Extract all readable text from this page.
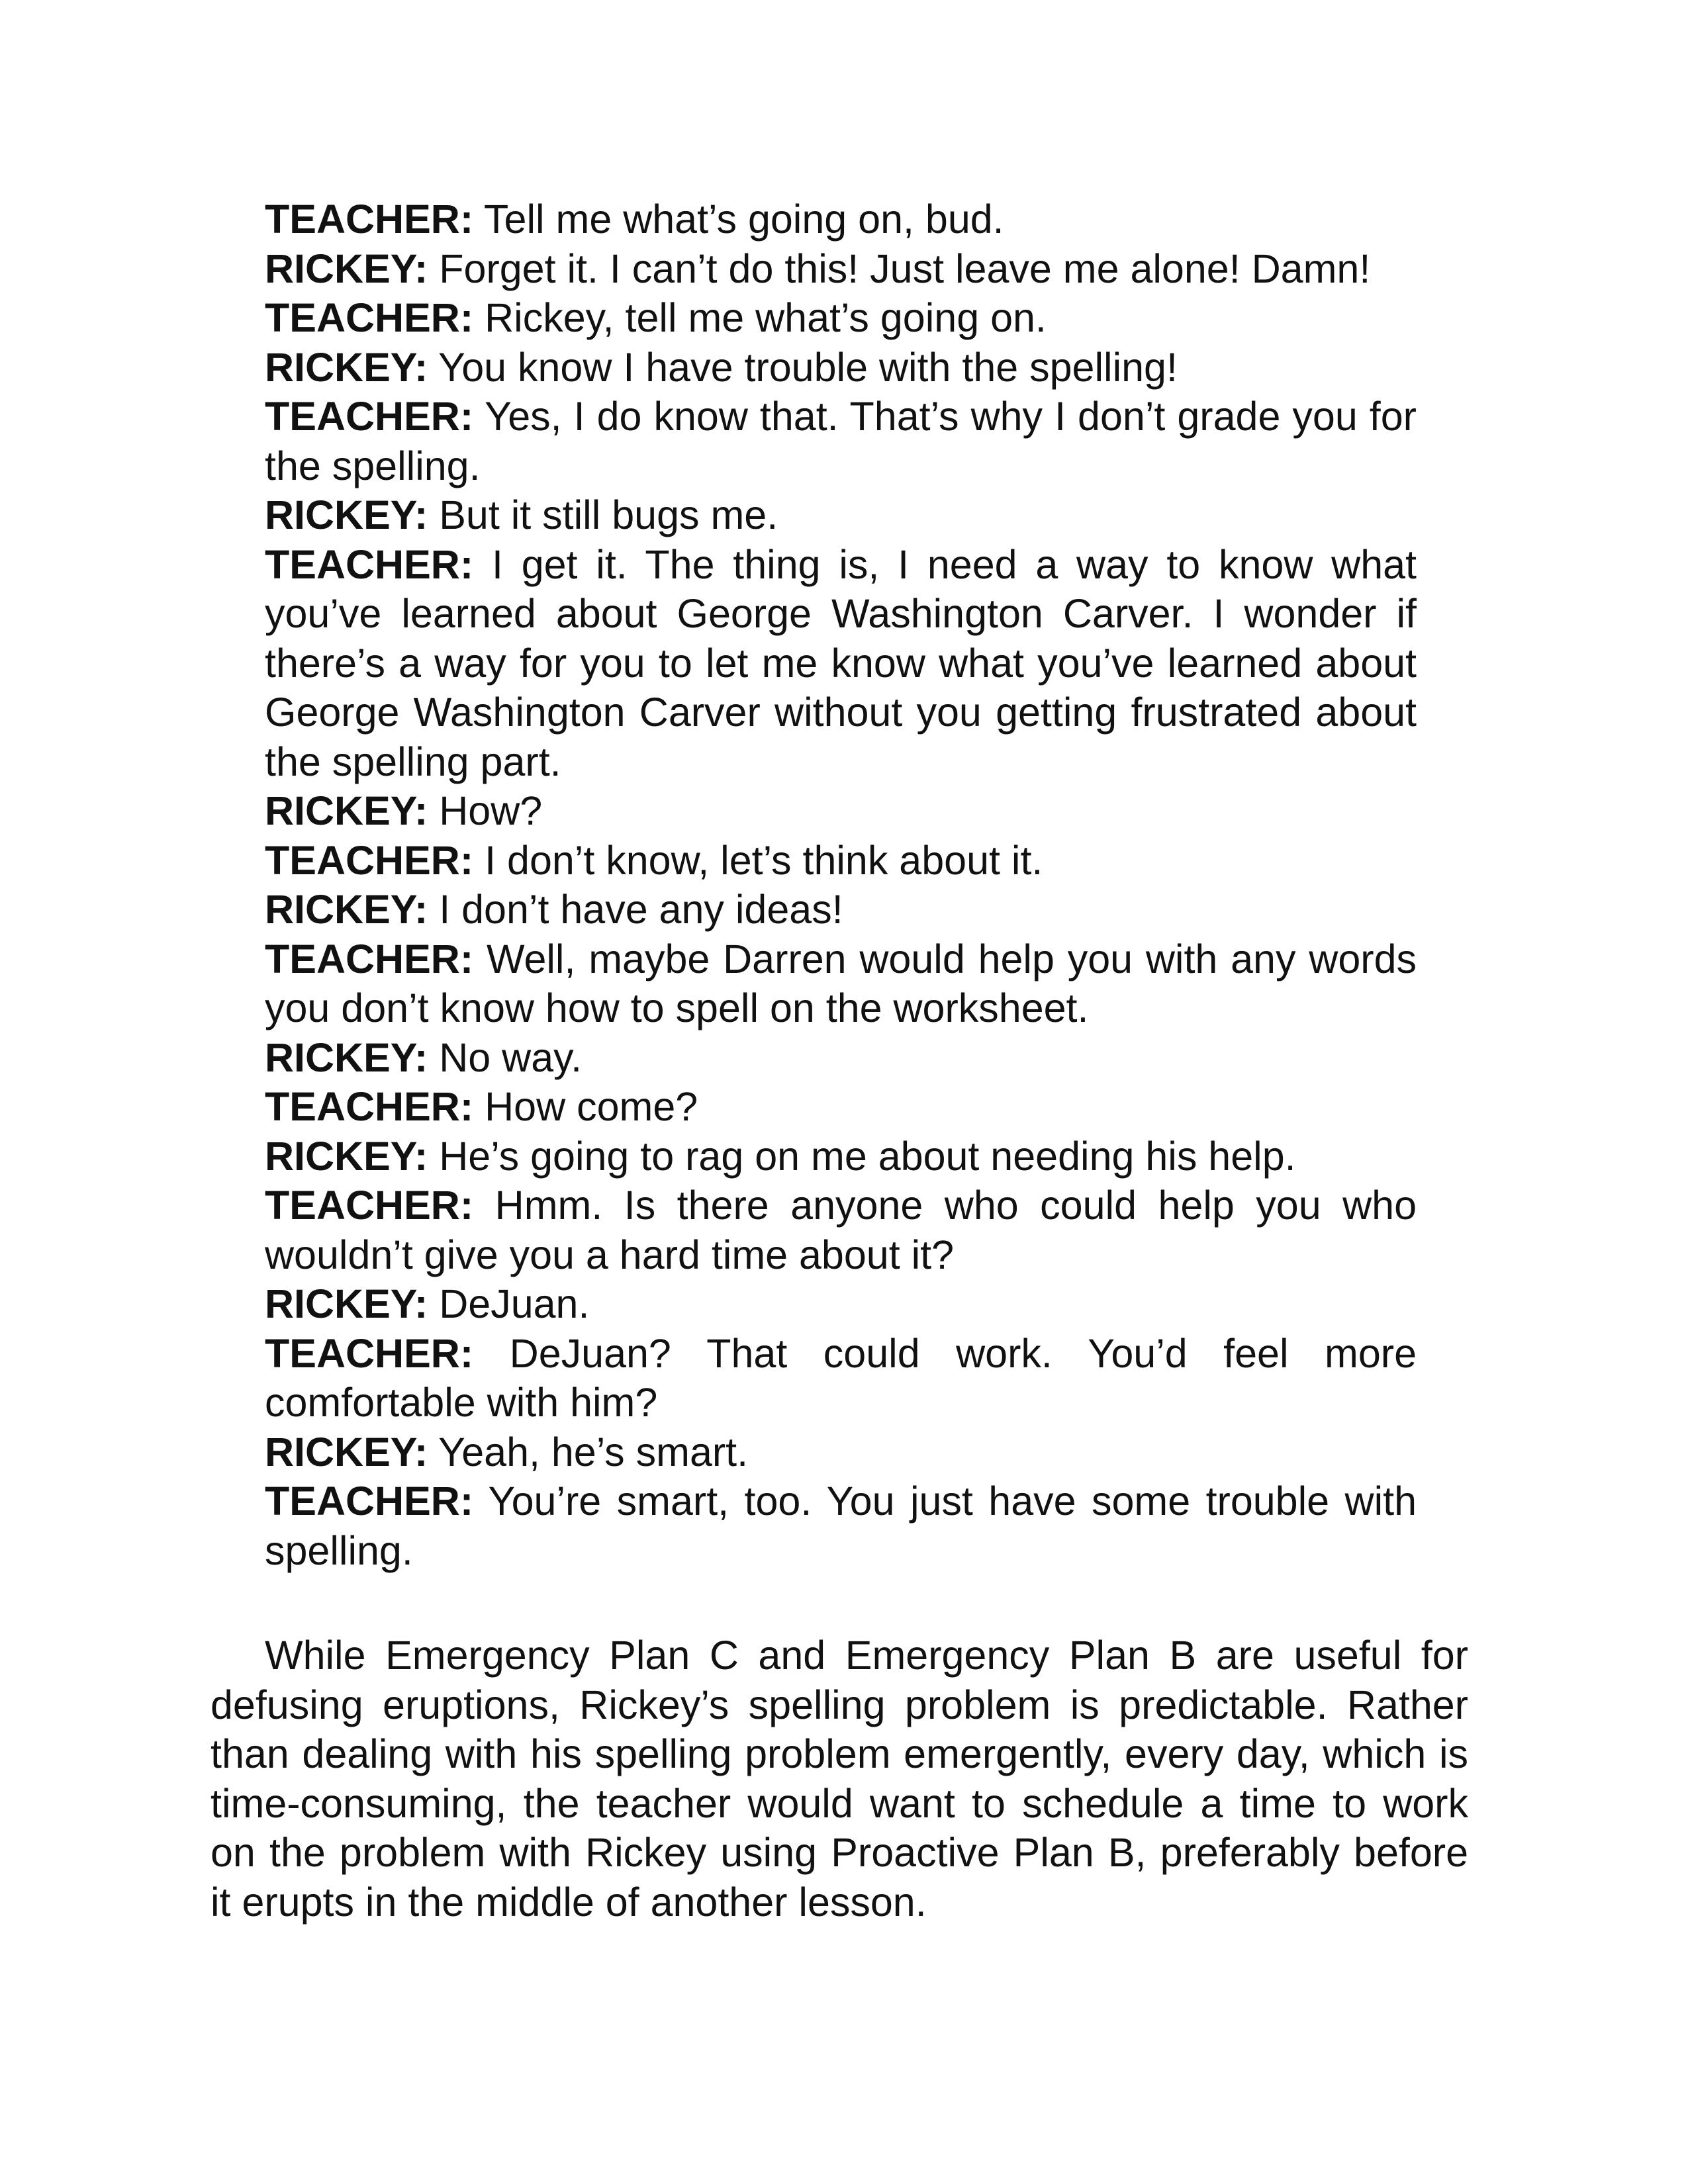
TEACHER: Tell me what’s going on, bud.

RICKEY: Forget it. I can’t do this! Just leave me alone! Damn!

TEACHER: Rickey, tell me what’s going on.

RICKEY: You know I have trouble with the spelling!

TEACHER: Yes, I do know that. That’s why I don’t grade you for the spelling.

RICKEY: But it still bugs me.

TEACHER: I get it. The thing is, I need a way to know what you’ve learned about George Washington Carver. I wonder if there’s a way for you to let me know what you’ve learned about George Washington Carver without you getting frustrated about the spelling part.

RICKEY: How?

TEACHER: I don’t know, let’s think about it.

RICKEY: I don’t have any ideas!

TEACHER: Well, maybe Darren would help you with any words you don’t know how to spell on the worksheet.

RICKEY: No way.

TEACHER: How come?

RICKEY: He’s going to rag on me about needing his help.

TEACHER: Hmm. Is there anyone who could help you who wouldn’t give you a hard time about it?

RICKEY: DeJuan.

TEACHER: DeJuan? That could work. You’d feel more comfortable with him?

RICKEY: Yeah, he’s smart.

TEACHER: You’re smart, too. You just have some trouble with spelling.

While Emergency Plan C and Emergency Plan B are useful for defusing eruptions, Rickey’s spelling problem is predictable. Rather than dealing with his spelling problem emergently, every day, which is time-consuming, the teacher would want to schedule a time to work on the problem with Rickey using Proactive Plan B, preferably before it erupts in the middle of another lesson.
